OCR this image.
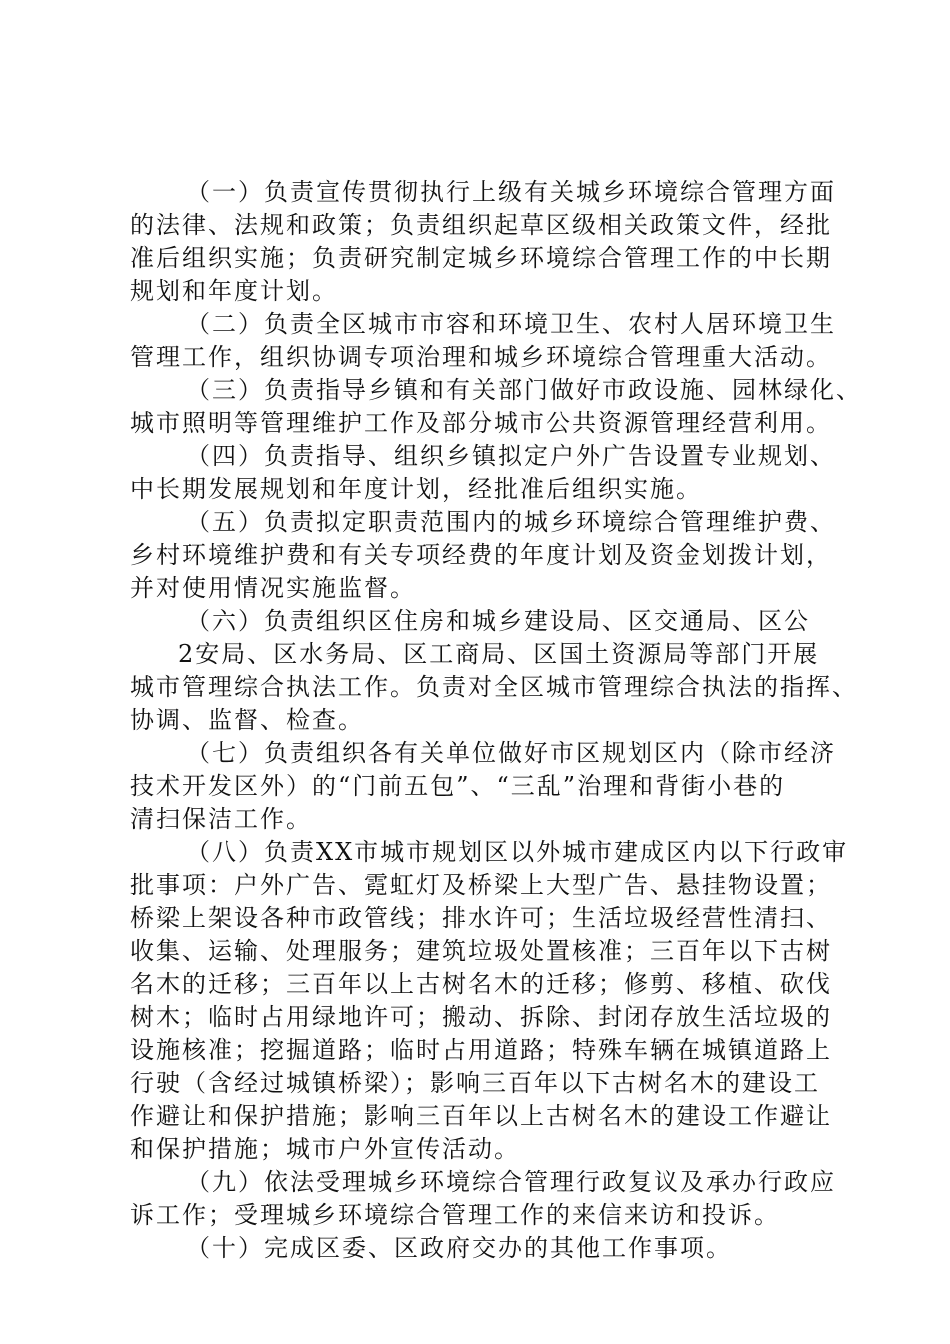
（一）负责宣传贯彻执行上级有关城乡环境综合管理方面
的法律、法规和政策；负责组织起草区级相关政策文件，经批
准后组织实施；负责研究制定城乡环境综合管理工作的中长期
规划和年度计划。
（二）负责全区城市市容和环境卫生、农村人居环境卫生
管理工作，组织协调专项治理和城乡环境综合管理重大活动。
（三）负责指导乡镇和有关部门做好市政设施、园林绿化、
城市照明等管理维护工作及部分城市公共资源管理经营利用。
（四）负责指导、组织乡镇拟定户外广告设置专业规划、
中长期发展规划和年度计划，经批准后组织实施。
（五）负责拟定职责范围内的城乡环境综合管理维护费、
乡村环境维护费和有关专项经费的年度计划及资金划拨计划，
并对使用情况实施监督。
（六）负责组织区住房和城乡建设局、区交通局、区公
2安局、区水务局、区工商局、区国土资源局等部门开展
城市管理综合执法工作。负责对全区城市管理综合执法的指挥、
协调、监督、检查。
（七）负责组织各有关单位做好市区规划区内（除市经济
技术开发区外）的“门前五包”、“三乱”治理和背街小巷的
清扫保洁工作。
（八）负责XX市城市规划区以外城市建成区内以下行政审
批事项：户外广告、霓虹灯及桥梁上大型广告、悬挂物设置；
桥梁上架设各种市政管线；排水许可；生活垃圾经营性清扫、
收集、运输、处理服务；建筑垃圾处置核准；三百年以下古树
名木的迁移；三百年以上古树名木的迁移；修剪、移植、砍伐
树木；临时占用绿地许可；搬动、拆除、封闭存放生活垃圾的
设施核准；挖掘道路；临时占用道路；特殊车辆在城镇道路上
行驶（含经过城镇桥梁）；影响三百年以下古树名木的建设工
作避让和保护措施；影响三百年以上古树名木的建设工作避让
和保护措施；城市户外宣传活动。
（九）依法受理城乡环境综合管理行政复议及承办行政应
诉工作；受理城乡环境综合管理工作的来信来访和投诉。
（十）完成区委、区政府交办的其他工作事项。
